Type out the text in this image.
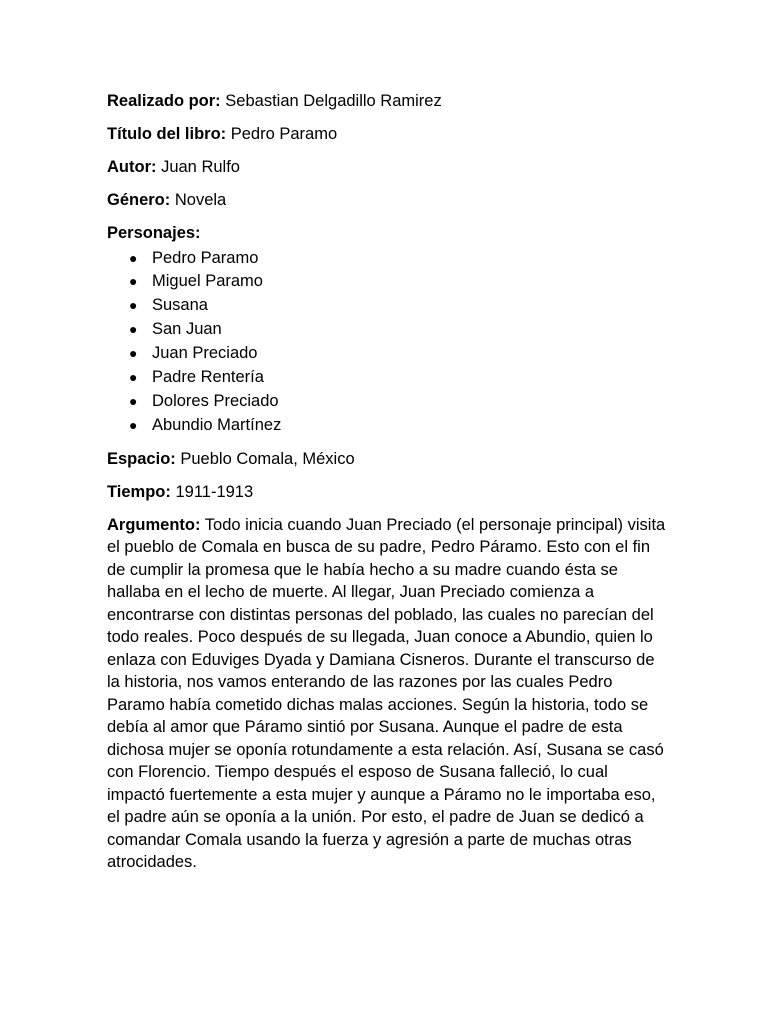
Realizado por: Sebastian Delgadillo Ramirez
Título del libro: Pedro Paramo
Autor: Juan Rulfo
Género: Novela
Personajes:
● Pedro Paramo
● Miguel Paramo
● Susana
● San Juan
● Juan Preciado
● Padre Rentería
● Dolores Preciado
● Abundio Martínez
Espacio: Pueblo Comala, México
Tiempo: 1911-1913
Argumento: Todo inicia cuando Juan Preciado (el personaje principal) visita el pueblo de Comala en busca de su padre, Pedro Páramo. Esto con el fin de cumplir la promesa que le había hecho a su madre cuando ésta se hallaba en el lecho de muerte. Al llegar, Juan Preciado comienza a encontrarse con distintas personas del poblado, las cuales no parecían del todo reales. Poco después de su llegada, Juan conoce a Abundio, quien lo enlaza con Eduviges Dyada y Damiana Cisneros. Durante el transcurso de la historia, nos vamos enterando de las razones por las cuales Pedro Paramo había cometido dichas malas acciones. Según la historia, todo se debía al amor que Páramo sintió por Susana. Aunque el padre de esta dichosa mujer se oponía rotundamente a esta relación. Así, Susana se casó con Florencio. Tiempo después el esposo de Susana falleció, lo cual impactó fuertemente a esta mujer y aunque a Páramo no le importaba eso, el padre aún se oponía a la unión. Por esto, el padre de Juan se dedicó a comandar Comala usando la fuerza y agresión a parte de muchas otras atrocidades.
